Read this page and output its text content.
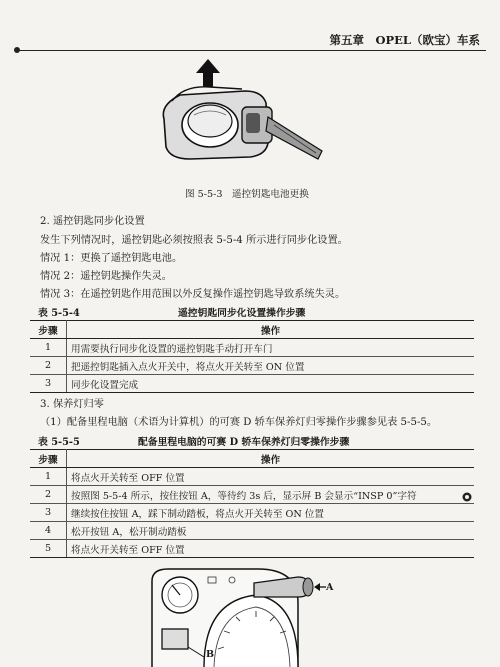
第五章　OPEL（欧宝）车系
图 5-5-3　遥控钥匙电池更换
2. 遥控钥匙同步化设置
发生下列情况时，遥控钥匙必须按照表 5-5-4 所示进行同步化设置。
情况 1：更换了遥控钥匙电池。
情况 2：遥控钥匙操作失灵。
情况 3：在遥控钥匙作用范围以外反复操作遥控钥匙导致系统失灵。
表 5-5-4	遥控钥匙同步化设置操作步骤
步骤	操作
1	用需要执行同步化设置的遥控钥匙手动打开车门
2	把遥控钥匙插入点火开关中，将点火开关转至 ON 位置
3	同步化设置完成
3. 保养灯归零
（1）配备里程电脑（术语为计算机）的可赛 D 轿车保养灯归零操作步骤参见表 5-5-5。
表 5-5-5	配备里程电脑的可赛 D 轿车保养灯归零操作步骤
步骤	操作
1	将点火开关转至 OFF 位置
2	按照图 5-5-4 所示，按住按钮 A，等待约 3s 后，显示屏 B 会显示“INSP 0”字符
3	继续按住按钮 A，踩下制动踏板，将点火开关转至 ON 位置
4	松开按钮 A，松开制动踏板
5	将点火开关转至 OFF 位置
A
B
